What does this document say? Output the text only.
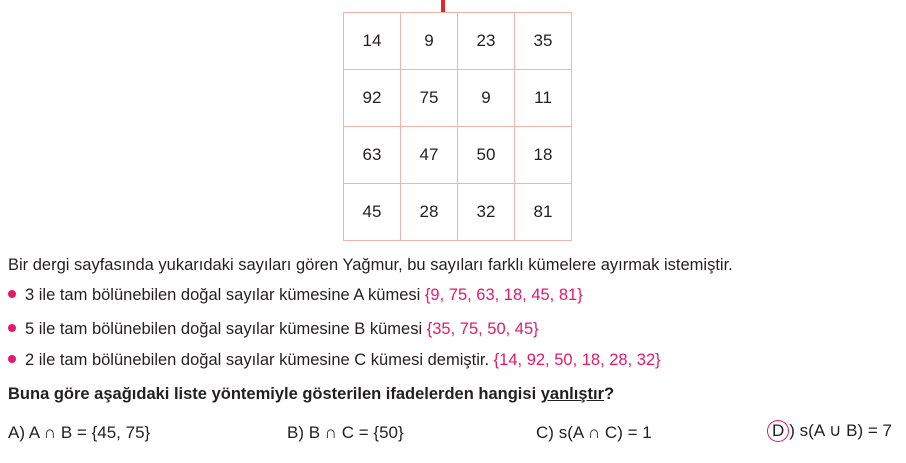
14	9	23	35
92	75	9	11
63	47	50	18
45	28	32	81
Bir dergi sayfasında yukarıdaki sayıları gören Yağmur, bu sayıları farklı kümelere ayırmak istemiştir.
3 ile tam bölünebilen doğal sayılar kümesine A kümesi {9, 75, 63, 18, 45, 81}
5 ile tam bölünebilen doğal sayılar kümesine B kümesi {35, 75, 50, 45}
2 ile tam bölünebilen doğal sayılar kümesine C kümesi demiştir. {14, 92, 50, 18, 28, 32}
Buna göre aşağıdaki liste yöntemiyle gösterilen ifadelerden hangisi yanlıştır?
A) A ∩ B = {45, 75}	B) B ∩ C = {50}	C) s(A ∩ C) = 1	D ) s(A ∪ B) = 7
